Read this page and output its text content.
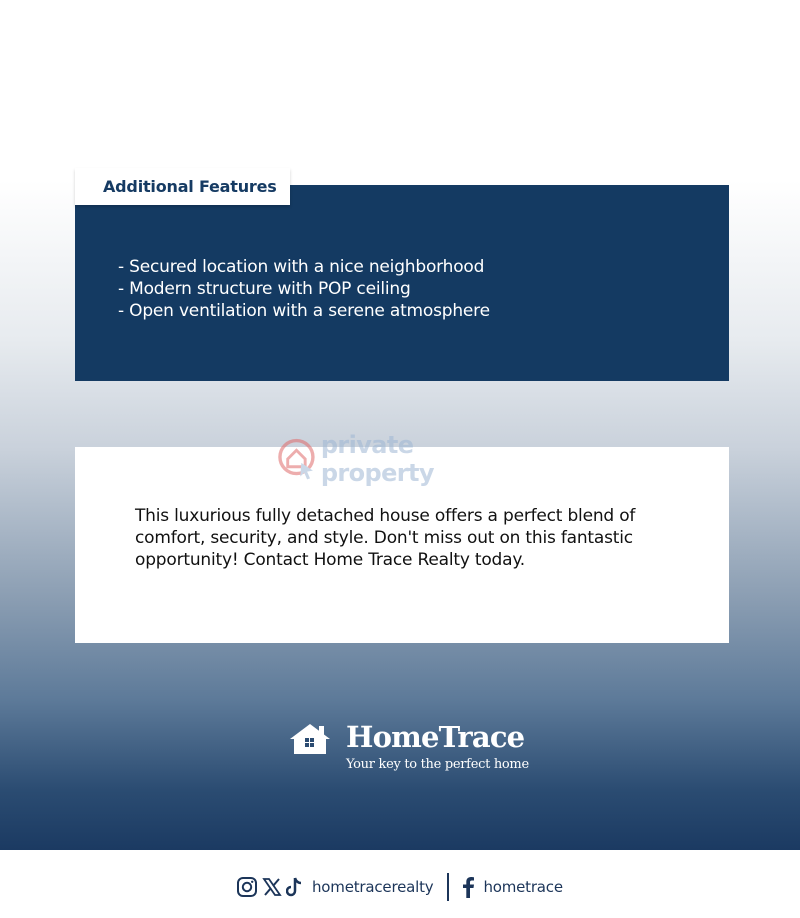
Additional Features
- Secured location with a nice neighborhood
- Modern structure with POP ceiling
- Open ventilation with a serene atmosphere
private property

This luxurious fully detached house offers a perfect blend of comfort, security, and style. Don't miss out on this fantastic opportunity! Contact Home Trace Realty today.

HomeTrace
Your key to the perfect home
hometracerealty	hometrace
